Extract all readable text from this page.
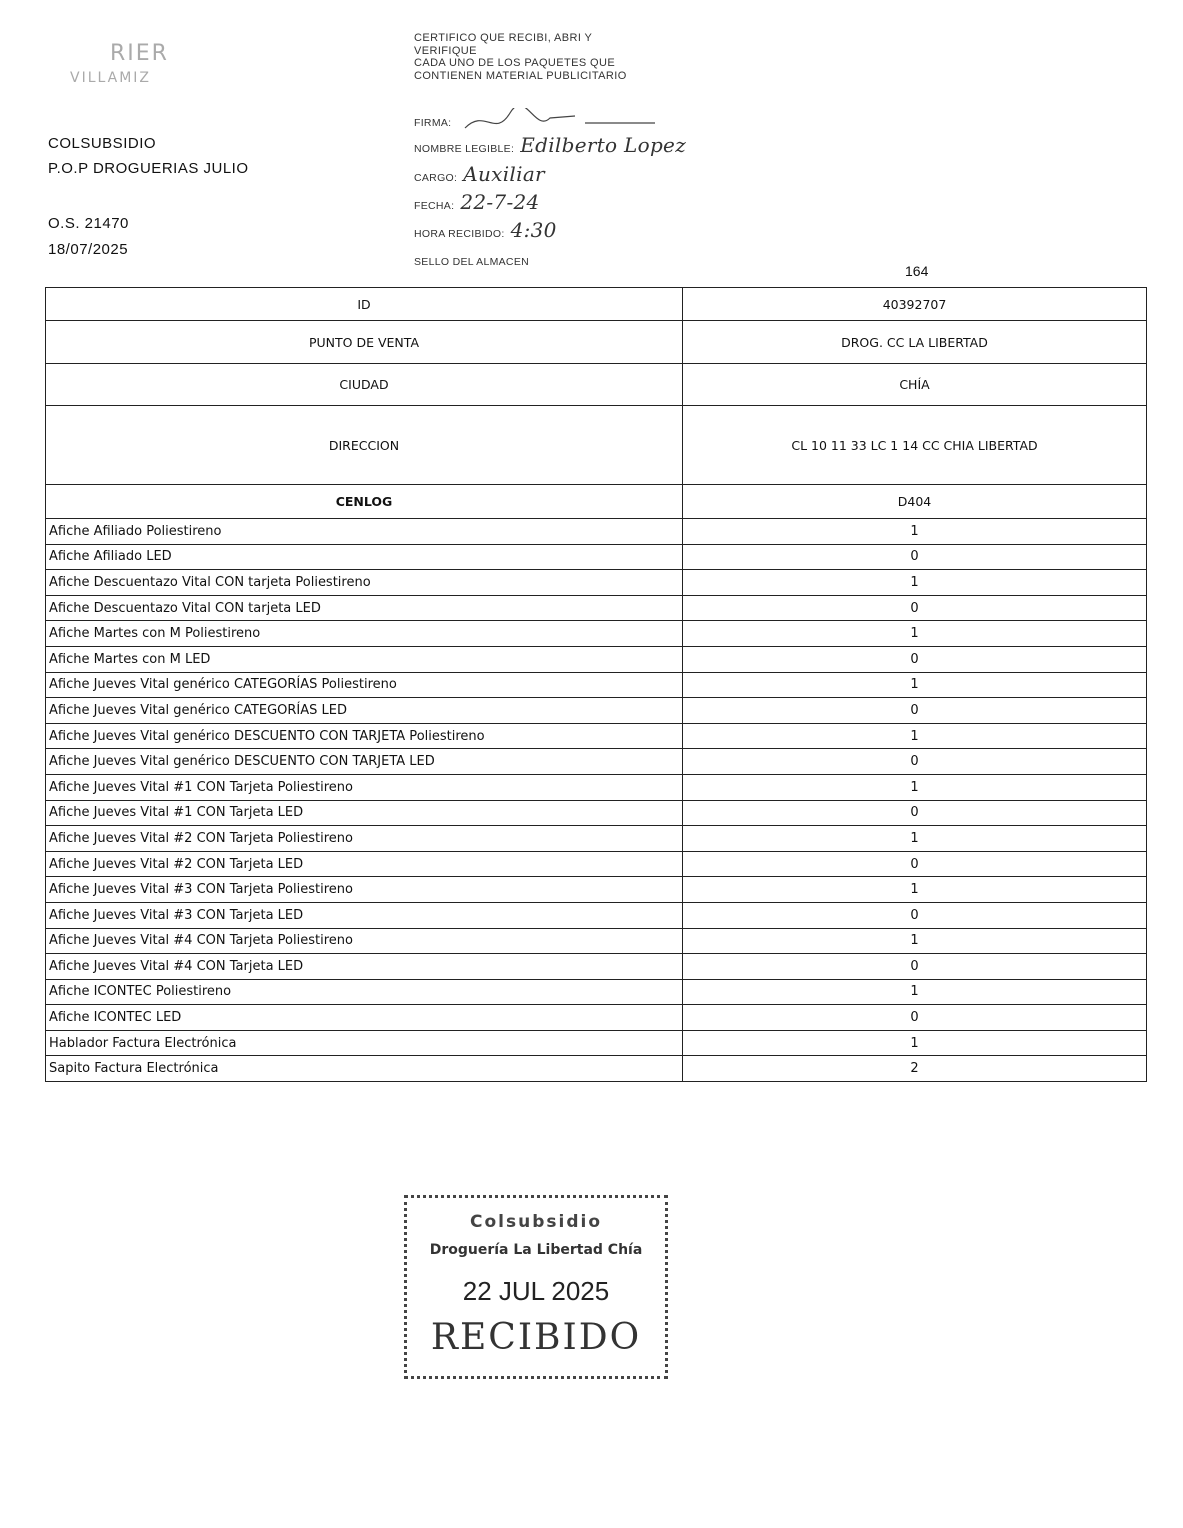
RIER
VILLAMIZ
COLSUBSIDIO
P.O.P DROGUERIAS JULIO
O.S. 21470
18/07/2025
CERTIFICO QUE RECIBI, ABRI Y
VERIFIQUE
CADA UNO DE LOS PAQUETES QUE
CONTIENEN MATERIAL PUBLICITARIO
FIRMA:
NOMBRE LEGIBLE: Edilberto Lopez
CARGO: Auxiliar
FECHA: 22-7-24
HORA RECIBIDO: 4:30
SELLO DEL ALMACEN
164
ID	40392707
PUNTO DE VENTA	DROG. CC LA LIBERTAD
CIUDAD	CHÍA
DIRECCION	CL 10 11 33 LC 1 14 CC CHIA LIBERTAD
CENLOG	D404
Afiche Afiliado Poliestireno	1
Afiche Afiliado LED	0
Afiche Descuentazo Vital CON tarjeta Poliestireno	1
Afiche Descuentazo Vital CON tarjeta LED	0
Afiche Martes con M Poliestireno	1
Afiche Martes con M LED	0
Afiche Jueves Vital genérico CATEGORÍAS Poliestireno	1
Afiche Jueves Vital genérico CATEGORÍAS LED	0
Afiche Jueves Vital genérico DESCUENTO CON TARJETA Poliestireno	1
Afiche Jueves Vital genérico DESCUENTO CON TARJETA LED	0
Afiche Jueves Vital #1 CON Tarjeta Poliestireno	1
Afiche Jueves Vital #1 CON Tarjeta LED	0
Afiche Jueves Vital #2 CON Tarjeta Poliestireno	1
Afiche Jueves Vital #2 CON Tarjeta LED	0
Afiche Jueves Vital #3 CON Tarjeta Poliestireno	1
Afiche Jueves Vital #3 CON Tarjeta LED	0
Afiche Jueves Vital #4 CON Tarjeta Poliestireno	1
Afiche Jueves Vital #4 CON Tarjeta LED	0
Afiche ICONTEC Poliestireno	1
Afiche ICONTEC LED	0
Hablador Factura Electrónica	1
Sapito Factura Electrónica	2
Colsubsidio
Droguería La Libertad Chía
22 JUL 2025
RECIBIDO
